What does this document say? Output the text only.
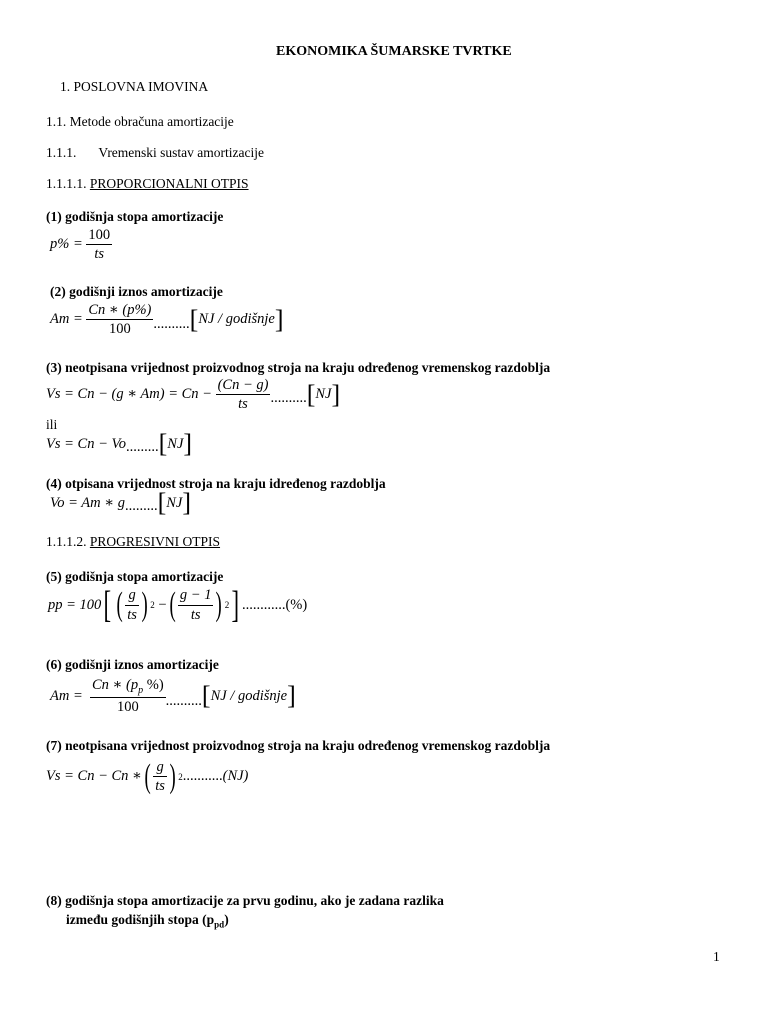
EKONOMIKA ŠUMARSKE TVRTKE
1. POSLOVNA IMOVINA
1.1. Metode obračuna amortizacije
1.1.1. Vremenski sustav amortizacije
1.1.1.1. PROPORCIONALNI OTPIS
(1) godišnja stopa amortizacije
p% =
$\frac{100}{ts}$
(2) godišnji iznos amortizacije
Am =
$\frac{Cn ∗ (p\%)}{100}$ .......... [ NJ / godišnje ]
(3) neotpisana vrijednost proizvodnog stroja na kraju određenog vremenskog razdoblja
Vs = Cn − (g ∗ Am) = Cn −
$\frac{(Cn - g)}{ts}$ .......... [ NJ ]
ili
Vs = Cn − Vo ......... [ NJ ]
(4) otpisana vrijednost stroja na kraju idređenog razdoblja
Vo = Am ∗ g ......... [ NJ ]
1.1.1.2. PROGRESIVNI OTPIS
(5) godišnja stopa amortizacije
pp = 100 [ ( $\frac{g}{ts}$ ) 2
− ( $\frac{g - 1}{ts}$ ) 2 ] ............ (%)
(6) godišnji iznos amortizacije
Am =
$\frac{Cn ∗ (p_p \%)}{100}$ .......... [ NJ / godišnje ]
(7) neotpisana vrijednost proizvodnog stroja na kraju određenog vremenskog razdoblja
Vs = Cn − Cn ∗ ( $\frac{g}{ts}$ ) 2 ........... (NJ)
(8) godišnja stopa amortizacije za prvu godinu, ako je zadana razlika
između godišnjih stopa $(p_{pd})$
1
